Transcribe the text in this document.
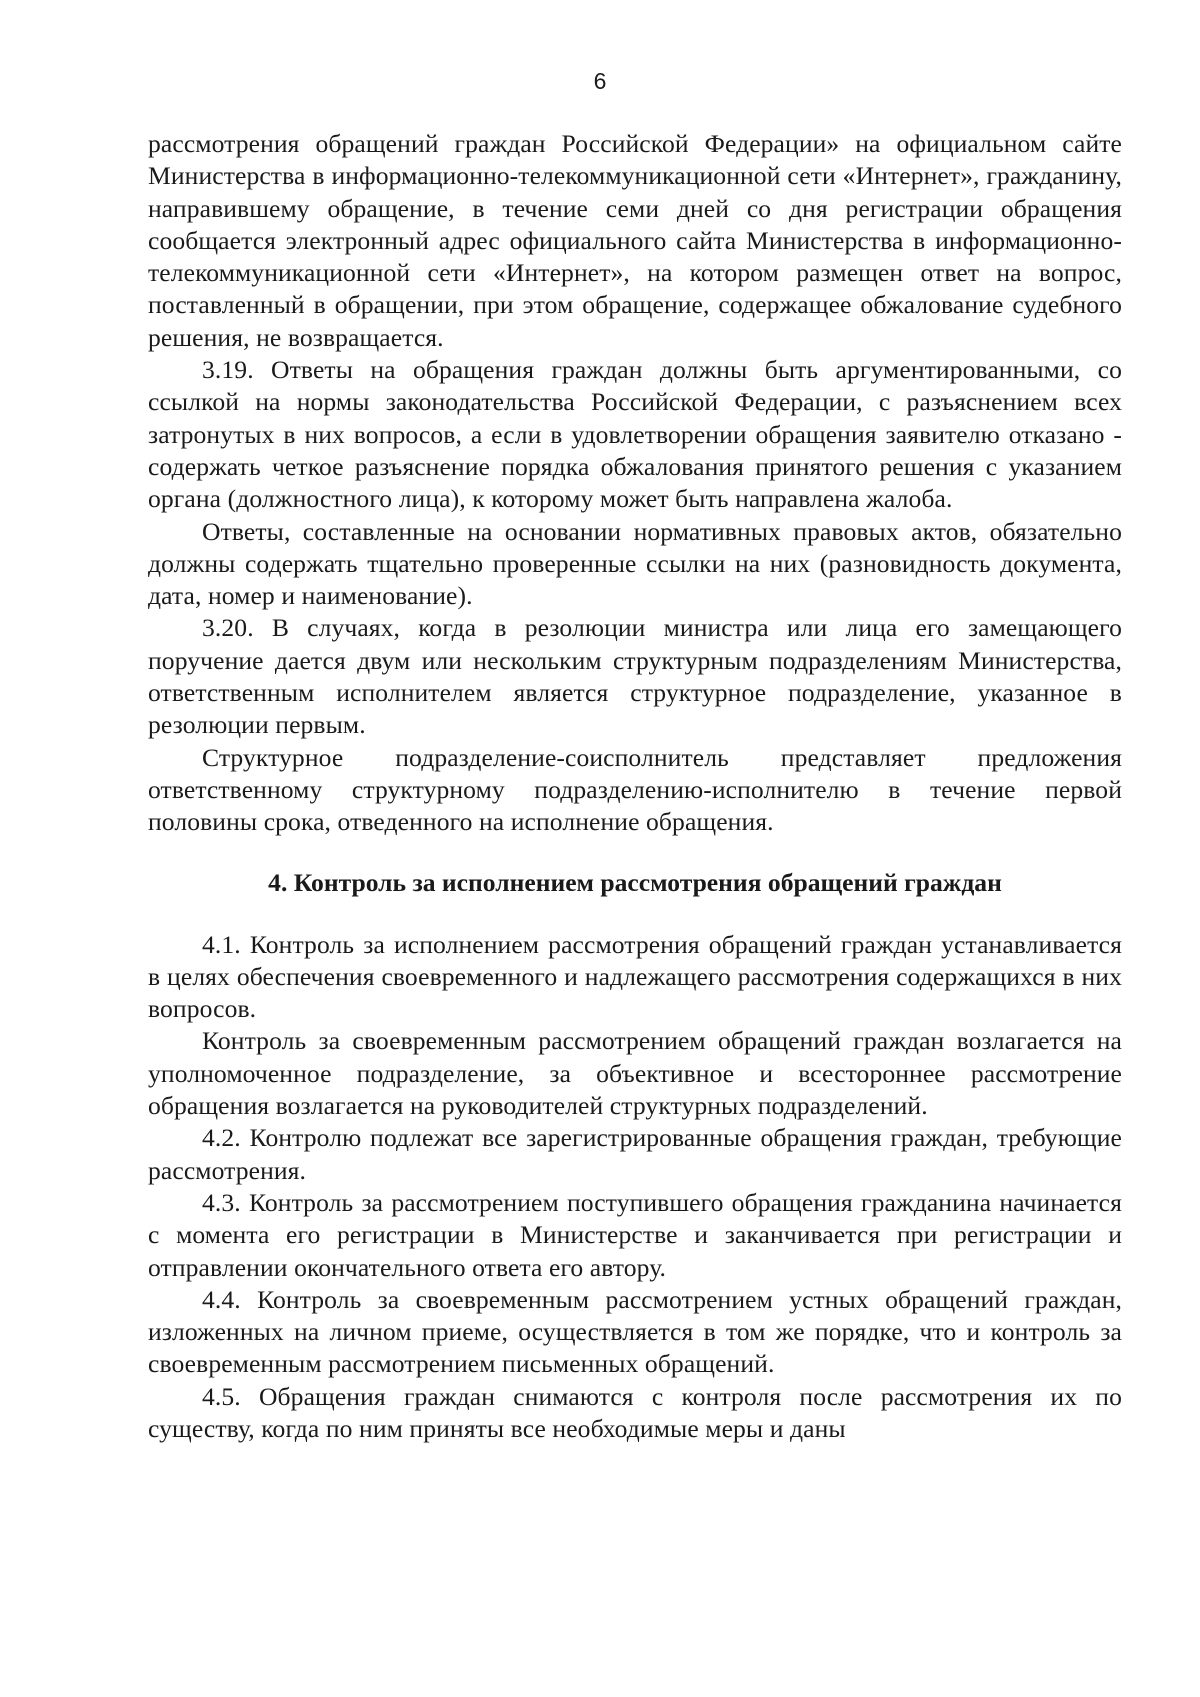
6

рассмотрения обращений граждан Российской Федерации» на официальном сайте Министерства в информационно-телекоммуникационной сети «Интернет», гражданину, направившему обращение, в течение семи дней со дня регистрации обращения сообщается электронный адрес официального сайта Министерства в информационно-телекоммуникационной сети «Интернет», на котором размещен ответ на вопрос, поставленный в обращении, при этом обращение, содержащее обжалование судебного решения, не возвращается.

3.19. Ответы на обращения граждан должны быть аргументированными, со ссылкой на нормы законодательства Российской Федерации, с разъяснением всех затронутых в них вопросов, а если в удовлетворении обращения заявителю отказано - содержать четкое разъяснение порядка обжалования принятого решения с указанием органа (должностного лица), к которому может быть направлена жалоба.

Ответы, составленные на основании нормативных правовых актов, обязательно должны содержать тщательно проверенные ссылки на них (разновидность документа, дата, номер и наименование).

3.20. В случаях, когда в резолюции министра или лица его замещающего поручение дается двум или нескольким структурным подразделениям Министерства, ответственным исполнителем является структурное подразделение, указанное в резолюции первым.

Структурное подразделение-соисполнитель представляет предложения ответственному структурному подразделению-исполнителю в течение первой половины срока, отведенного на исполнение обращения.

4. Контроль за исполнением рассмотрения обращений граждан

4.1. Контроль за исполнением рассмотрения обращений граждан устанавливается в целях обеспечения своевременного и надлежащего рассмотрения содержащихся в них вопросов.

Контроль за своевременным рассмотрением обращений граждан возлагается на уполномоченное подразделение, за объективное и всестороннее рассмотрение обращения возлагается на руководителей структурных подразделений.

4.2. Контролю подлежат все зарегистрированные обращения граждан, требующие рассмотрения.

4.3. Контроль за рассмотрением поступившего обращения гражданина начинается с момента его регистрации в Министерстве и заканчивается при регистрации и отправлении окончательного ответа его автору.

4.4. Контроль за своевременным рассмотрением устных обращений граждан, изложенных на личном приеме, осуществляется в том же порядке, что и контроль за своевременным рассмотрением письменных обращений.

4.5. Обращения граждан снимаются с контроля после рассмотрения их по существу, когда по ним приняты все необходимые меры и даны
